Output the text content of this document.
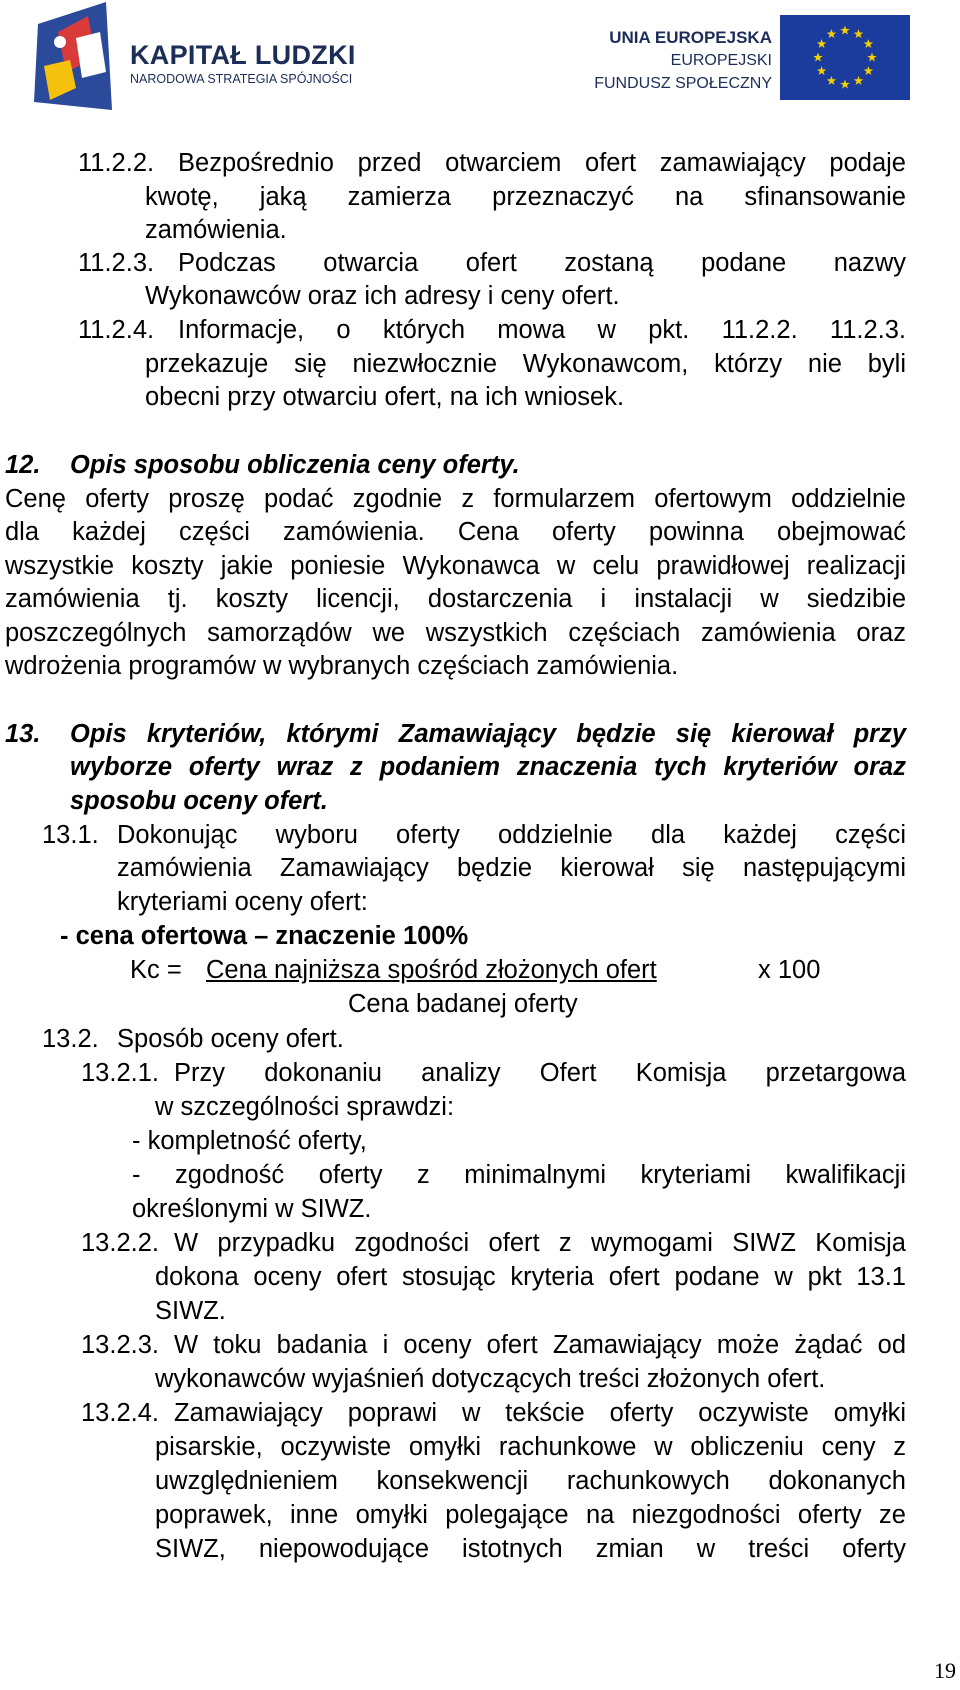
KAPITAŁ LUDZKI
NARODOWA STRATEGIA SPÓJNOŚCI
UNIA EUROPEJSKA
EUROPEJSKI
FUNDUSZ SPOŁECZNY
11.2.2. Bezpośrednio przed otwarciem ofert zamawiający podaje
kwotę, jaką zamierza przeznaczyć na sfinansowanie
zamówienia.
11.2.3. Podczas otwarcia ofert zostaną podane nazwy
Wykonawców oraz ich adresy i ceny ofert.
11.2.4. Informacje, o których mowa w pkt. 11.2.2. 11.2.3.
przekazuje się niezwłocznie Wykonawcom, którzy nie byli
obecni przy otwarciu ofert, na ich wniosek.
12. Opis sposobu obliczenia ceny oferty.
Cenę oferty proszę podać zgodnie z formularzem ofertowym oddzielnie
dla każdej części zamówienia. Cena oferty powinna obejmować
wszystkie koszty jakie poniesie Wykonawca w celu prawidłowej realizacji
zamówienia tj. koszty licencji, dostarczenia i instalacji w siedzibie
poszczególnych samorządów we wszystkich częściach zamówienia oraz
wdrożenia programów w wybranych częściach zamówienia.
13. Opis kryteriów, którymi Zamawiający będzie się kierował przy
wyborze oferty wraz z podaniem znaczenia tych kryteriów oraz
sposobu oceny ofert.
13.1. Dokonując wyboru oferty oddzielnie dla każdej części
zamówienia Zamawiający będzie kierował się następującymi
kryteriami oceny ofert:
- cena ofertowa – znaczenie 100%
Kc = Cena najniższa spośród złożonych ofert	x 100
Cena badanej oferty
13.2. Sposób oceny ofert.
13.2.1. Przy dokonaniu analizy Ofert Komisja przetargowa
w szczególności sprawdzi:
- kompletność oferty,
- zgodność oferty z minimalnymi kryteriami kwalifikacji
określonymi w SIWZ.
13.2.2. W przypadku zgodności ofert z wymogami SIWZ Komisja
dokona oceny ofert stosując kryteria ofert podane w pkt 13.1
SIWZ.
13.2.3. W toku badania i oceny ofert Zamawiający może żądać od
wykonawców wyjaśnień dotyczących treści złożonych ofert.
13.2.4. Zamawiający poprawi w tekście oferty oczywiste omyłki
pisarskie, oczywiste omyłki rachunkowe w obliczeniu ceny z
uwzględnieniem konsekwencji rachunkowych dokonanych
poprawek, inne omyłki polegające na niezgodności oferty ze
SIWZ, niepowodujące istotnych zmian w treści oferty
19
